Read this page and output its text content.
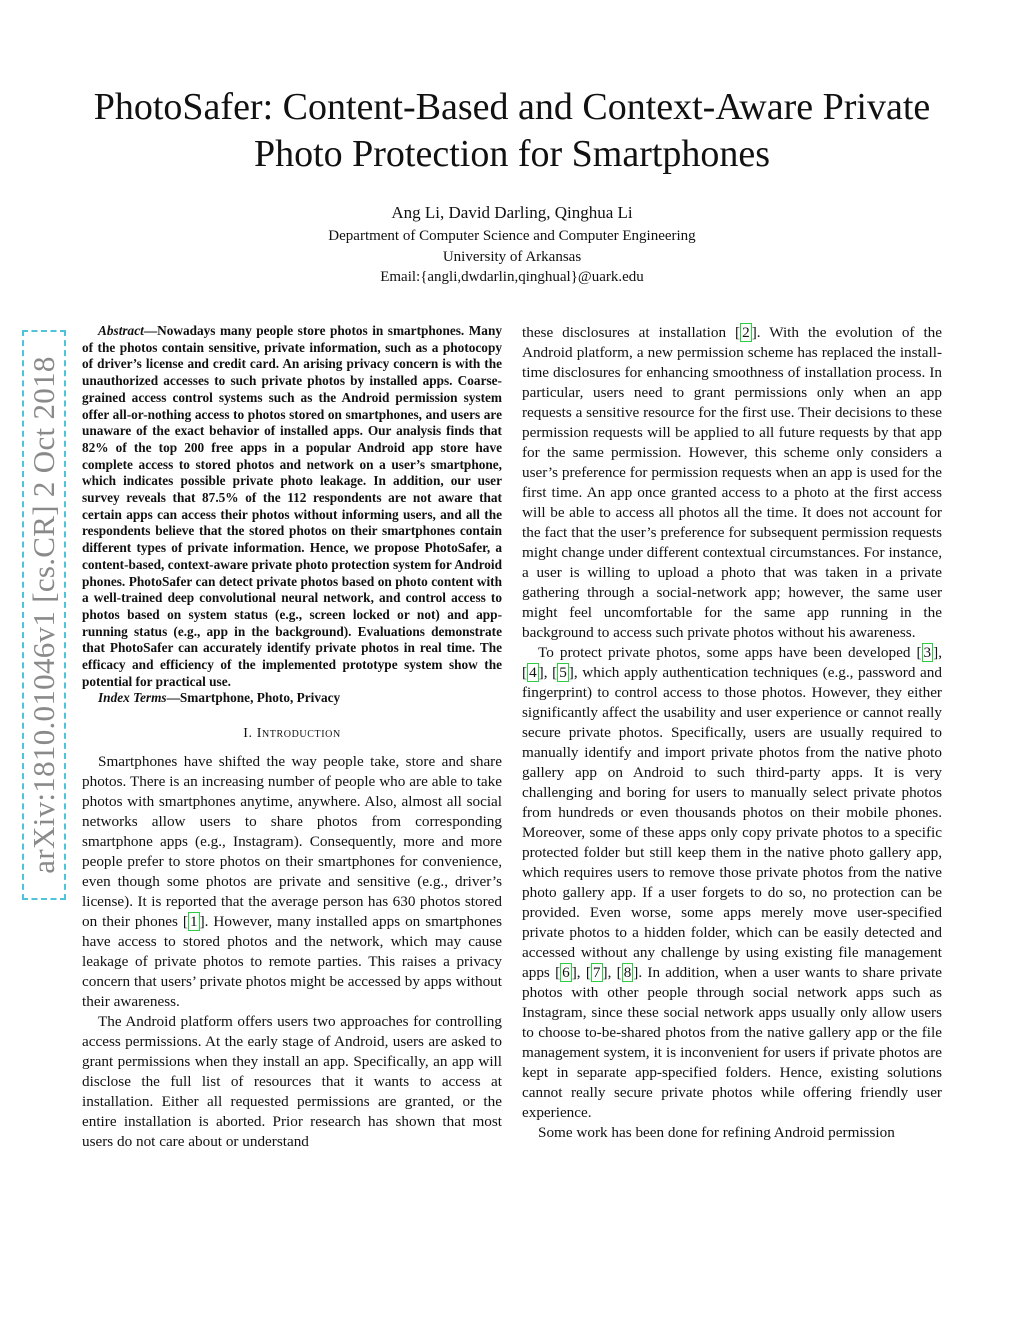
arXiv:1810.01046v1 [cs.CR] 2 Oct 2018
PhotoSafer: Content-Based and Context-Aware Private Photo Protection for Smartphones
Ang Li, David Darling, Qinghua Li
Department of Computer Science and Computer Engineering
University of Arkansas
Email:{angli,dwdarlin,qinghual}@uark.edu

Abstract—Nowadays many people store photos in smartphones. Many of the photos contain sensitive, private information, such as a photocopy of driver’s license and credit card. An arising privacy concern is with the unauthorized accesses to such private photos by installed apps. Coarse-grained access control systems such as the Android permission system offer all-or-nothing access to photos stored on smartphones, and users are unaware of the exact behavior of installed apps. Our analysis finds that 82% of the top 200 free apps in a popular Android app store have complete access to stored photos and network on a user’s smartphone, which indicates possible private photo leakage. In addition, our user survey reveals that 87.5% of the 112 respondents are not aware that certain apps can access their photos without informing users, and all the respondents believe that the stored photos on their smartphones contain different types of private information. Hence, we propose PhotoSafer, a content-based, context-aware private photo protection system for Android phones. PhotoSafer can detect private photos based on photo content with a well-trained deep convolutional neural network, and control access to photos based on system status (e.g., screen locked or not) and app-running status (e.g., app in the background). Evaluations demonstrate that PhotoSafer can accurately identify private photos in real time. The efficacy and efficiency of the implemented prototype system show the potential for practical use.

Index Terms—Smartphone, Photo, Privacy

I. Introduction

Smartphones have shifted the way people take, store and share photos. There is an increasing number of people who are able to take photos with smartphones anytime, anywhere. Also, almost all social networks allow users to share photos from corresponding smartphone apps (e.g., Instagram). Consequently, more and more people prefer to store photos on their smartphones for convenience, even though some photos are private and sensitive (e.g., driver’s license). It is reported that the average person has 630 photos stored on their phones [ 1 ]. However, many installed apps on smartphones have access to stored photos and the network, which may cause leakage of private photos to remote parties. This raises a privacy concern that users’ private photos might be accessed by apps without their awareness.

The Android platform offers users two approaches for controlling access permissions. At the early stage of Android, users are asked to grant permissions when they install an app. Specifically, an app will disclose the full list of resources that it wants to access at installation. Either all requested permissions are granted, or the entire installation is aborted. Prior research has shown that most users do not care about or understand

these disclosures at installation [ 2 ]. With the evolution of the Android platform, a new permission scheme has replaced the install-time disclosures for enhancing smoothness of installation process. In particular, users need to grant permissions only when an app requests a sensitive resource for the first use. Their decisions to these permission requests will be applied to all future requests by that app for the same permission. However, this scheme only considers a user’s preference for permission requests when an app is used for the first time. An app once granted access to a photo at the first access will be able to access all photos all the time. It does not account for the fact that the user’s preference for subsequent permission requests might change under different contextual circumstances. For instance, a user is willing to upload a photo that was taken in a private gathering through a social-network app; however, the same user might feel uncomfortable for the same app running in the background to access such private photos without his awareness.

To protect private photos, some apps have been developed [ 3 ], [ 4 ], [ 5 ], which apply authentication techniques (e.g., password and fingerprint) to control access to those photos. However, they either significantly affect the usability and user experience or cannot really secure private photos. Specifically, users are usually required to manually identify and import private photos from the native photo gallery app on Android to such third-party apps. It is very challenging and boring for users to manually select private photos from hundreds or even thousands photos on their mobile phones. Moreover, some of these apps only copy private photos to a specific protected folder but still keep them in the native photo gallery app, which requires users to remove those private photos from the native photo gallery app. If a user forgets to do so, no protection can be provided. Even worse, some apps merely move user-specified private photos to a hidden folder, which can be easily detected and accessed without any challenge by using existing file management apps [ 6 ], [ 7 ], [ 8 ]. In addition, when a user wants to share private photos with other people through social network apps such as Instagram, since these social network apps usually only allow users to choose to-be-shared photos from the native gallery app or the file management system, it is inconvenient for users if private photos are kept in separate app-specified folders. Hence, existing solutions cannot really secure private photos while offering friendly user experience.

Some work has been done for refining Android permission
